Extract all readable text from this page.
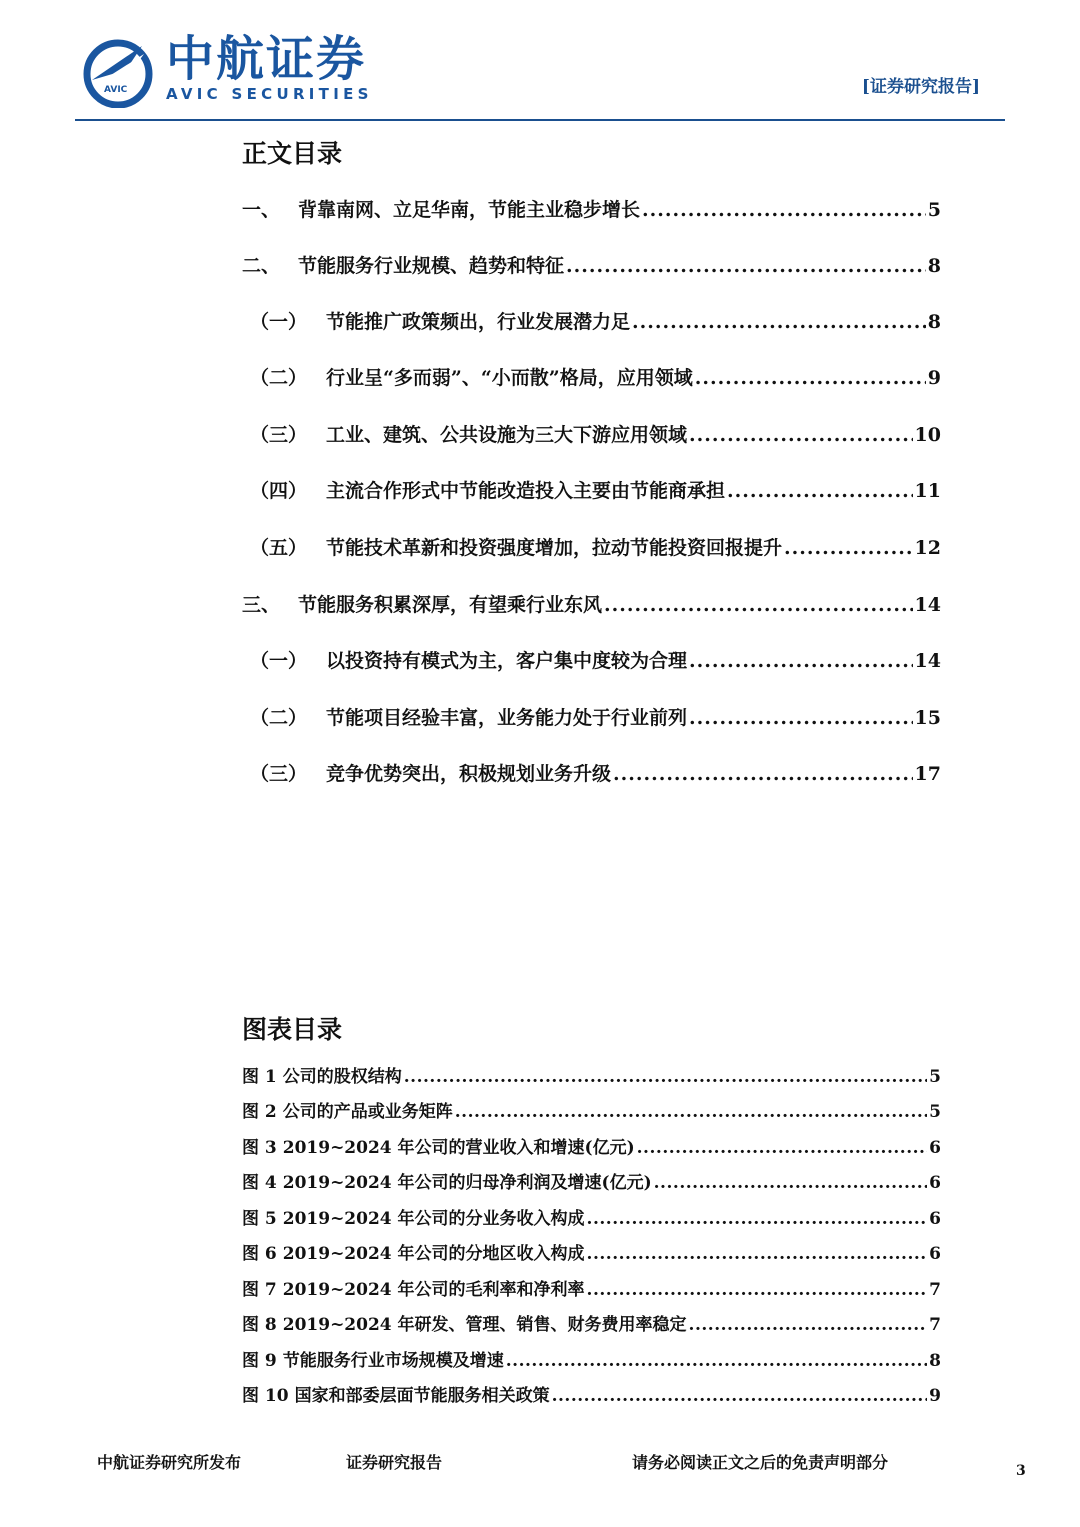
AVIC
中航证券
AVIC SECURITIES	[证券研究报告]
正文目录
一、 背靠南网、立足华南，节能主业稳步增长 .....	5
二、 节能服务行业规模、趋势和特征 .....	8
（一） 节能推广政策频出，行业发展潜力足 .....	8
（二） 行业呈“多而弱”、“小而散”格局，应用领域 .....	9
（三） 工业、建筑、公共设施为三大下游应用领域 .....	10
（四） 主流合作形式中节能改造投入主要由节能商承担 .....	11
（五） 节能技术革新和投资强度增加，拉动节能投资回报提升 .....	12
三、 节能服务积累深厚，有望乘行业东风 .....	14
（一） 以投资持有模式为主，客户集中度较为合理 .....	14
（二） 节能项目经验丰富，业务能力处于行业前列 .....	15
（三） 竞争优势突出，积极规划业务升级 .....	17
图表目录
图 1 公司的股权结构 .....	5
图 2 公司的产品或业务矩阵 .....	5
图 3 2019~2024 年公司的营业收入和增速(亿元) .....	6
图 4 2019~2024 年公司的归母净利润及增速(亿元) .....	6
图 5 2019~2024 年公司的分业务收入构成 .....	6
图 6 2019~2024 年公司的分地区收入构成 .....	6
图 7 2019~2024 年公司的毛利率和净利率 .....	7
图 8 2019~2024 年研发、管理、销售、财务费用率稳定 .....	7
图 9 节能服务行业市场规模及增速 .....	8
图 10 国家和部委层面节能服务相关政策 .....	9
中航证券研究所发布	证券研究报告	请务必阅读正文之后的免责声明部分	3
